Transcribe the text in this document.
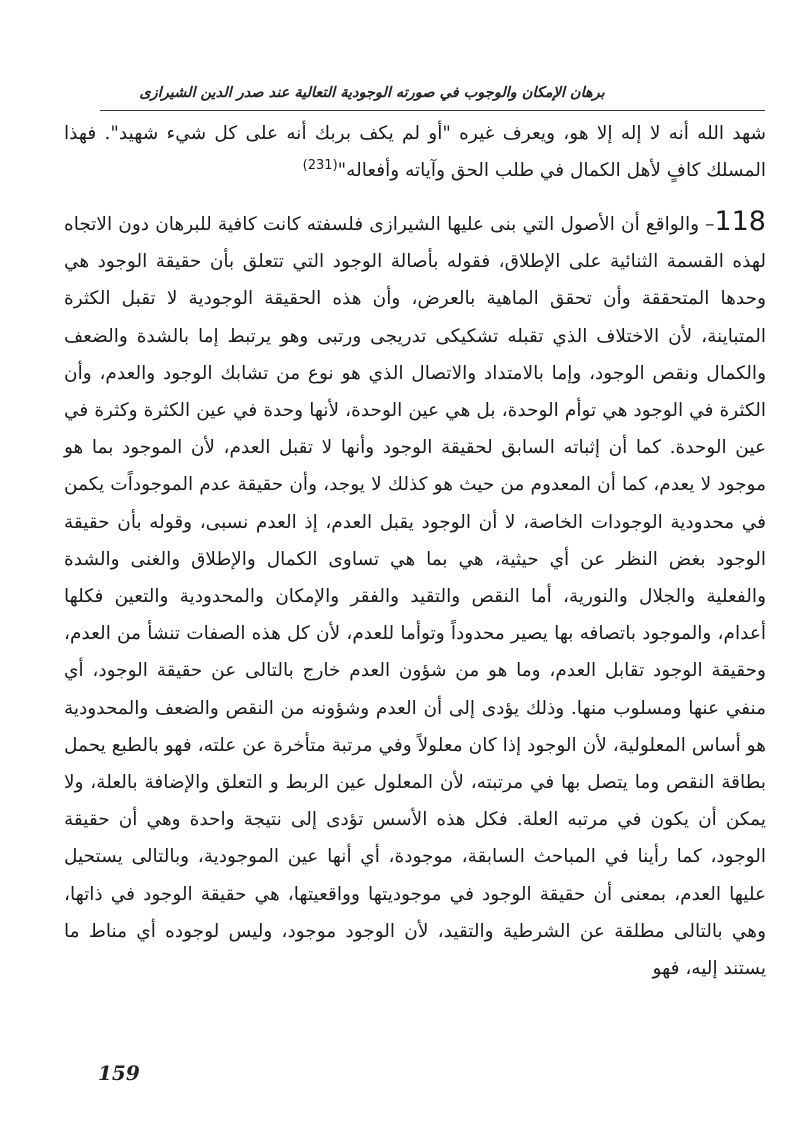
برهان الإمكان والوجوب في صورته الوجودية التعالية عند صدر الدين الشيرازى
شهد الله أنه لا إله إلا هو، ويعرف غيره "أو لم يكف بربك أنه على كل شيء شهيد". فهذا المسلك كافٍ لأهل الكمال في طلب الحق وآياته وأفعاله"$^{(231)}$
118– والواقع أن الأصول التي بنى عليها الشيرازى فلسفته كانت كافية للبرهان دون الاتجاه لهذه القسمة الثنائية على الإطلاق، فقوله بأصالة الوجود التي تتعلق بأن حقيقة الوجود هي وحدها المتحققة وأن تحقق الماهية بالعرض، وأن هذه الحقيقة الوجودية لا تقبل الكثرة المتباينة، لأن الاختلاف الذي تقبله تشكيكى تدريجى ورتبى وهو يرتبط إما بالشدة والضعف والكمال ونقص الوجود، وإما بالامتداد والاتصال الذي هو نوع من تشابك الوجود والعدم، وأن الكثرة في الوجود هي توأم الوحدة، بل هي عين الوحدة، لأنها وحدة في عين الكثرة وكثرة في عين الوحدة. كما أن إثباته السابق لحقيقة الوجود وأنها لا تقبل العدم، لأن الموجود بما هو موجود لا يعدم، كما أن المعدوم من حيث هو كذلك لا يوجد، وأن حقيقة عدم الموجوداًت يكمن في محدودية الوجودات الخاصة، لا أن الوجود يقبل العدم، إذ العدم نسبى، وقوله بأن حقيقة الوجود بغض النظر عن أي حيثية، هي بما هي تساوى الكمال والإطلاق والغنى والشدة والفعلية والجلال والنورية، أما النقص والتقيد والفقر والإمكان والمحدودية والتعين فكلها أعدام، والموجود باتصافه بها يصير محدوداً وتوأما للعدم، لأن كل هذه الصفات تنشأ من العدم، وحقيقة الوجود تقابل العدم، وما هو من شؤون العدم خارج بالتالى عن حقيقة الوجود، أي منفي عنها ومسلوب منها. وذلك يؤدى إلى أن العدم وشؤونه من النقص والضعف والمحدودية هو أساس المعلولية، لأن الوجود إذا كان معلولاً وفي مرتبة متأخرة عن علته، فهو بالطبع يحمل بطاقة النقص وما يتصل بها في مرتبته، لأن المعلول عين الربط و التعلق والإضافة بالعلة، ولا يمكن أن يكون في مرتبه العلة. فكل هذه الأسس تؤدى إلى نتيجة واحدة وهي أن حقيقة الوجود، كما رأينا في المباحث السابقة، موجودة، أي أنها عين الموجودية، وبالتالى يستحيل عليها العدم، بمعنى أن حقيقة الوجود في موجوديتها وواقعيتها، هي حقيقة الوجود في ذاتها، وهي بالتالى مطلقة عن الشرطية والتقيد، لأن الوجود موجود، وليس لوجوده أي مناط ما يستند إليه، فهو
159
